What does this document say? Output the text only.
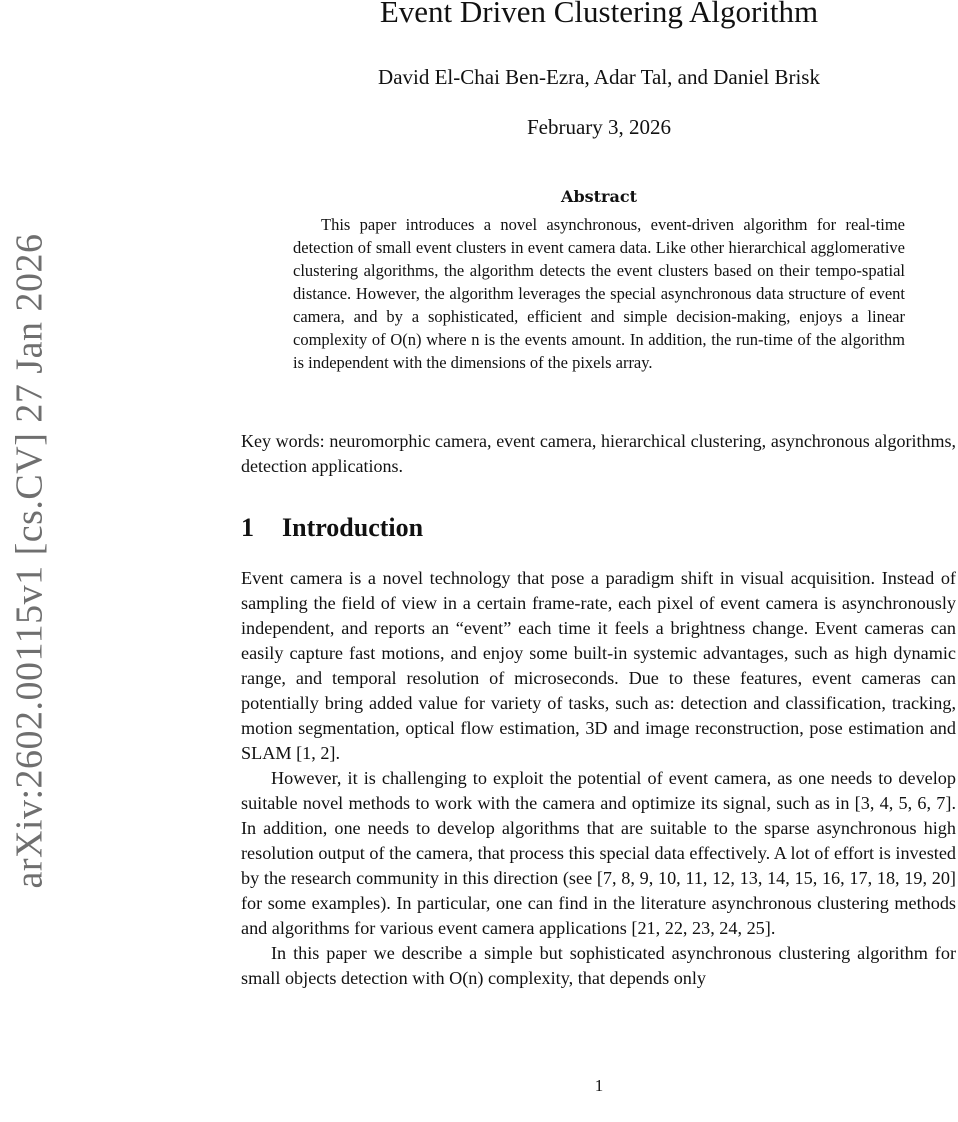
arXiv:2602.00115v1 [cs.CV] 27 Jan 2026
Event Driven Clustering Algorithm
David El-Chai Ben-Ezra, Adar Tal, and Daniel Brisk
February 3, 2026
Abstract

This paper introduces a novel asynchronous, event-driven algorithm for real-time detection of small event clusters in event camera data. Like other hierarchical agglomerative clustering algorithms, the algorithm detects the event clusters based on their tempo-spatial distance. However, the algorithm leverages the special asynchronous data structure of event camera, and by a sophisticated, efficient and simple decision-making, enjoys a linear complexity of O(n) where n is the events amount. In addition, the run-time of the algorithm is independent with the dimensions of the pixels array.

Key words: neuromorphic camera, event camera, hierarchical clustering, asynchronous algorithms, detection applications.

1 Introduction

Event camera is a novel technology that pose a paradigm shift in visual acquisition. Instead of sampling the field of view in a certain frame-rate, each pixel of event camera is asynchronously independent, and reports an “event” each time it feels a brightness change. Event cameras can easily capture fast motions, and enjoy some built-in systemic advantages, such as high dynamic range, and temporal resolution of microseconds. Due to these features, event cameras can potentially bring added value for variety of tasks, such as: detection and classification, tracking, motion segmentation, optical flow estimation, 3D and image reconstruction, pose estimation and SLAM [1, 2].

However, it is challenging to exploit the potential of event camera, as one needs to develop suitable novel methods to work with the camera and optimize its signal, such as in [3, 4, 5, 6, 7]. In addition, one needs to develop algorithms that are suitable to the sparse asynchronous high resolution output of the camera, that process this special data effectively. A lot of effort is invested by the research community in this direction (see [7, 8, 9, 10, 11, 12, 13, 14, 15, 16, 17, 18, 19, 20] for some examples). In particular, one can find in the literature asynchronous clustering methods and algorithms for various event camera applications [21, 22, 23, 24, 25].

In this paper we describe a simple but sophisticated asynchronous clustering algorithm for small objects detection with O(n) complexity, that depends only

1
